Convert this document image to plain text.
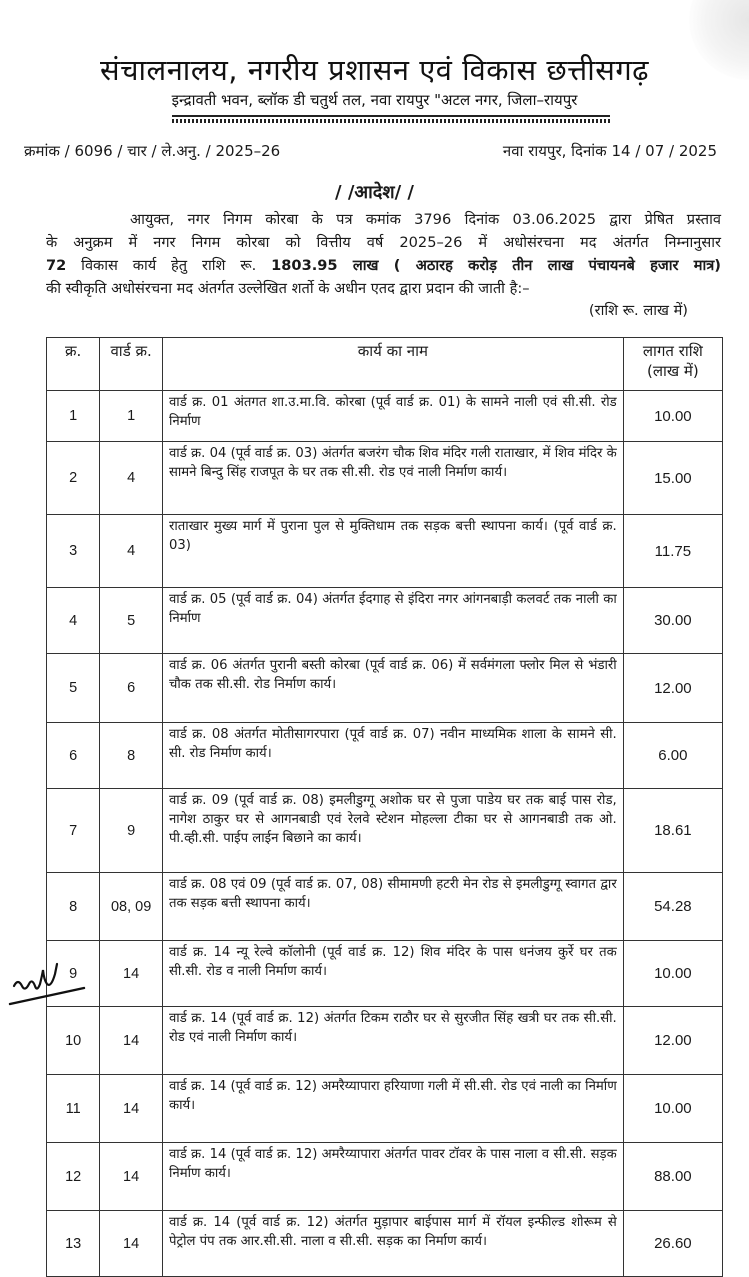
संचालनालय, नगरीय प्रशासन एवं विकास छत्तीसगढ़
इन्द्रावती भवन, ब्लॉक डी चतुर्थ तल, नवा रायपुर "अटल नगर, जिला–रायपुर
क्रमांक / 6096 / चार / ले.अनु. / 2025–26	नवा रायपुर, दिनांक 14 / 07 / 2025
/ /आदेश/ /
आयुक्त, नगर निगम कोरबा के पत्र कमांक 3796 दिनांक 03.06.2025 द्वारा प्रेषित प्रस्ताव
के अनुक्रम में नगर निगम कोरबा को वित्तीय वर्ष 2025–26 में अधोसंरचना मद अंतर्गत निम्नानुसार
72 विकास कार्य हेतु राशि रू. 1803.95 लाख ( अठारह करोड़ तीन लाख पंचायनबे हजार मात्र)
की स्वीकृति अधोसंरचना मद अंतर्गत उल्लेखित शर्तो के अधीन एतद द्वारा प्रदान की जाती है:–
(राशि रू. लाख में)
क्र.	वार्ड क्र.	कार्य का नाम	लागत राशि (लाख में)
1	1	वार्ड क्र. 01 अंतगत शा.उ.मा.वि. कोरबा (पूर्व वार्ड क्र. 01) के सामने नाली एवं सी.सी. रोड निर्माण	10.00
2	4	वार्ड क्र. 04 (पूर्व वार्ड क्र. 03) अंतर्गत बजरंग चौक शिव मंदिर गली राताखार, में शिव मंदिर के सामने बिन्दु सिंह राजपूत के घर तक सी.सी. रोड एवं नाली निर्माण कार्य।	15.00
3	4	राताखार मुख्य मार्ग में पुराना पुल से मुक्तिधाम तक सड़क बत्ती स्थापना कार्य। (पूर्व वार्ड क्र. 03)	11.75
4	5	वार्ड क्र. 05 (पूर्व वार्ड क्र. 04) अंतर्गत ईदगाह से इंदिरा नगर आंगनबाड़ी कलवर्ट तक नाली का निर्माण	30.00
5	6	वार्ड क्र. 06 अंतर्गत पुरानी बस्ती कोरबा (पूर्व वार्ड क्र. 06) में सर्वमंगला फ्लोर मिल से भंडारी चौक तक सी.सी. रोड निर्माण कार्य।	12.00
6	8	वार्ड क्र. 08 अंतर्गत मोतीसागरपारा (पूर्व वार्ड क्र. 07) नवीन माध्यमिक शाला के सामने सी. सी. रोड निर्माण कार्य।	6.00
7	9	वार्ड क्र. 09 (पूर्व वार्ड क्र. 08) इमलीडुग्गू अशोक घर से पुजा पाडेय घर तक बाई पास रोड, नागेश ठाकुर घर से आगनबाडी एवं रेलवे स्टेशन मोहल्ला टीका घर से आगनबाडी तक ओ. पी.व्ही.सी. पाईप लाईन बिछाने का कार्य।	18.61
8	08, 09	वार्ड क्र. 08 एवं 09 (पूर्व वार्ड क्र. 07, 08) सीमामणी हटरी मेन रोड से इमलीडुग्गू स्वागत द्वार तक सड़क बत्ती स्थापना कार्य।	54.28
9	14	वार्ड क्र. 14 न्यू रेल्वे कॉलोनी (पूर्व वार्ड क्र. 12) शिव मंदिर के पास धनंजय कुर्रे घर तक सी.सी. रोड व नाली निर्माण कार्य।	10.00
10	14	वार्ड क्र. 14 (पूर्व वार्ड क्र. 12) अंतर्गत टिकम राठौर घर से सुरजीत सिंह खत्री घर तक सी.सी. रोड एवं नाली निर्माण कार्य।	12.00
11	14	वार्ड क्र. 14 (पूर्व वार्ड क्र. 12) अमरैय्यापारा हरियाणा गली में सी.सी. रोड एवं नाली का निर्माण कार्य।	10.00
12	14	वार्ड क्र. 14 (पूर्व वार्ड क्र. 12) अमरैय्यापारा अंतर्गत पावर टॉवर के पास नाला व सी.सी. सड़क निर्माण कार्य।	88.00
13	14	वार्ड क्र. 14 (पूर्व वार्ड क्र. 12) अंतर्गत मुड़ापार बाईपास मार्ग में रॉयल इन्फील्ड शोरूम से पेट्रोल पंप तक आर.सी.सी. नाला व सी.सी. सड़क का निर्माण कार्य।	26.60
